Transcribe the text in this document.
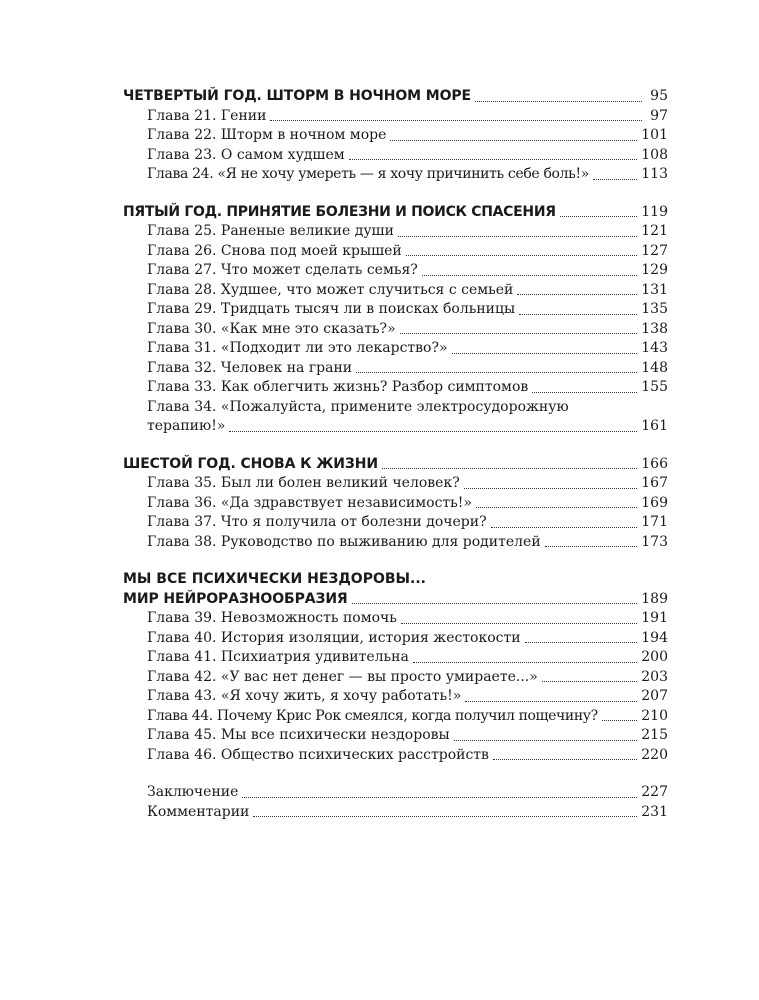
ЧЕТВЕРТЫЙ ГОД. ШТОРМ В НОЧНОМ МОРЕ	95
Глава 21. Гении	97
Глава 22. Шторм в ночном море	101
Глава 23. О самом худшем	108
Глава 24. «Я не хочу умереть — я хочу причинить себе боль!»	113
ПЯТЫЙ ГОД. ПРИНЯТИЕ БОЛЕЗНИ И ПОИСК СПАСЕНИЯ	119
Глава 25. Раненые великие души	121
Глава 26. Снова под моей крышей	127
Глава 27. Что может сделать семья?	129
Глава 28. Худшее, что может случиться с семьей	131
Глава 29. Тридцать тысяч ли в поисках больницы	135
Глава 30. «Как мне это сказать?»	138
Глава 31. «Подходит ли это лекарство?»	143
Глава 32. Человек на грани	148
Глава 33. Как облегчить жизнь? Разбор симптомов	155
Глава 34. «Пожалуйста, примените электросудорожную
терапию!»	161
ШЕСТОЙ ГОД. СНОВА К ЖИЗНИ	166
Глава 35. Был ли болен великий человек?	167
Глава 36. «Да здравствует независимость!»	169
Глава 37. Что я получила от болезни дочери?	171
Глава 38. Руководство по выживанию для родителей	173
МЫ ВСЕ ПСИХИЧЕСКИ НЕЗДОРОВЫ...
МИР НЕЙРОРАЗНООБРАЗИЯ	189
Глава 39. Невозможность помочь	191
Глава 40. История изоляции, история жестокости	194
Глава 41. Психиатрия удивительна	200
Глава 42. «У вас нет денег — вы просто умираете...»	203
Глава 43. «Я хочу жить, я хочу работать!»	207
Глава 44. Почему Крис Рок смеялся, когда получил пощечину?	210
Глава 45. Мы все психически нездоровы	215
Глава 46. Общество психических расстройств	220
Заключение	227
Комментарии	231
